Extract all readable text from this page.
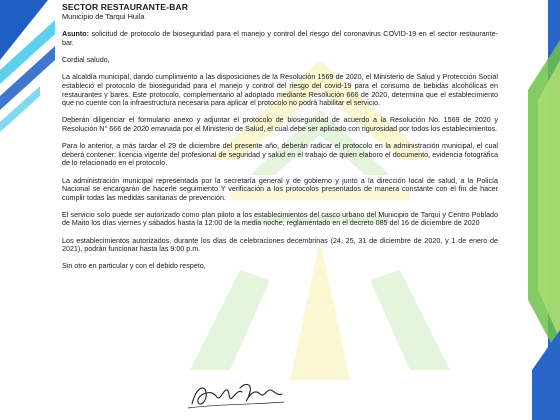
SECTOR RESTAURANTE-BAR
Municipio de Tarqui Huila
Asunto: solicitud de protocolo de bioseguridad para el manejo y control del riesgo del coronavirus COVID-19 en el sector restaurante-bar.
Cordial saludo,

La alcaldía municipal, dando cumplimiento a las disposiciones de la Resolución 1569 de 2020, el Ministerio de Salud y Protección Social estableció el protocolo de bioseguridad para el manejo y control del riesgo del covid-19 para el consumo de bebidas alcohólicas en restaurantes y bares. Este protocolo, complementario al adoptado mediante Resolución 666 de 2020, determina que el establecimiento que no cuente con la infraestructura necesaria para aplicar el protocolo no podrá habilitar el servicio.

Deberán diligenciar el formulario anexo y adjuntar el protocolo de bioseguridad de acuerdo a la Resolución No. 1569 de 2020 y Resolución N° 666 de 2020 emanada por el Ministerio de Salud, el cual debe ser aplicado con rigurosidad por todos los establecimientos.

Para lo anterior, a más tardar el 29 de diciembre del presente año, deberán radicar el protocolo en la administración municipal, el cual deberá contener: licencia vigente del profesional de seguridad y salud en el trabajo de quien elaboro el documento, evidencia fotográfica de lo relacionado en el protocolo.

La administración municipal representada por la secretaría general y de gobierno y junto a la dirección local de salud, a la Policía Nacional se encargarán de hacerle seguimiento Y verificación a los protocolos presentados de manera constante con el fin de hacer cumplir todas las medidas sanitarias de prevención.

El servicio solo puede ser autorizado como plan piloto a los establecimientos del casco urbano del Municipio de Tarqui y Centro Poblado de Maito los días viernes y sábados hasta la 12:00 de la media noche, reglamentado en el decreto 085 del 16 de diciembre de 2020

Los establecimientos autorizados, durante los días de celebraciones decembrinas (24, 25, 31 de diciembre de 2020, y 1 de enero de 2021), podrán funcionar hasta las 9:00 p.m.

Sin otro en particular y con el debido respeto,
